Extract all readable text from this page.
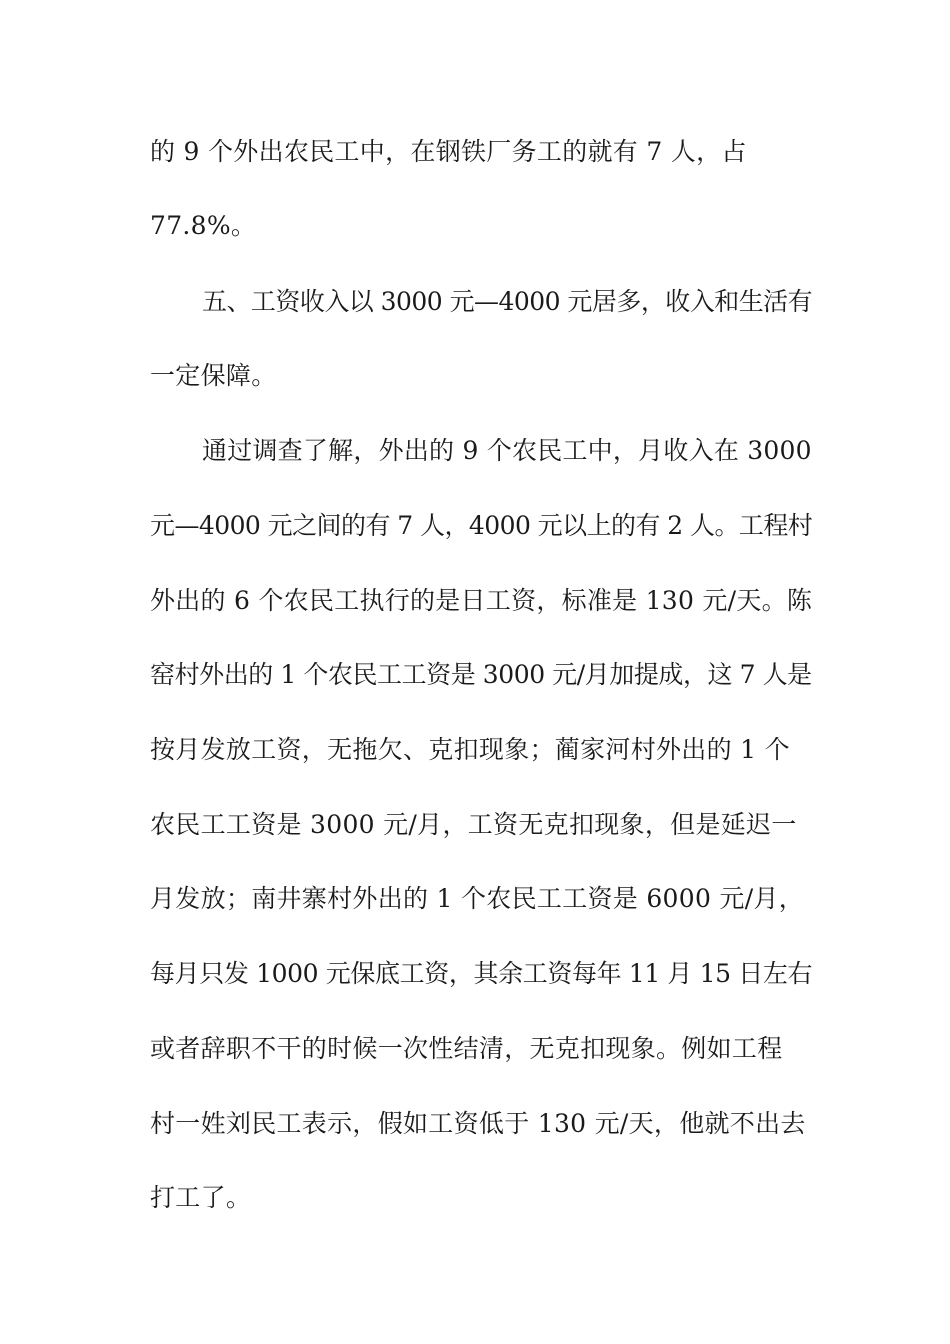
的 9 个外出农民工中，在钢铁厂务工的就有 7 人，占

77.8%。

五、工资收入以 3000 元—4000 元居多，收入和生活有

一定保障。

通过调查了解，外出的 9 个农民工中，月收入在 3000

元—4000 元之间的有 7 人，4000 元以上的有 2 人。工程村

外出的 6 个农民工执行的是日工资，标准是 130 元/天。陈

窑村外出的 1 个农民工工资是 3000 元/月加提成，这 7 人是

按月发放工资，无拖欠、克扣现象；蔺家河村外出的 1 个

农民工工资是 3000 元/月，工资无克扣现象，但是延迟一

月发放；南井寨村外出的 1 个农民工工资是 6000 元/月，

每月只发 1000 元保底工资，其余工资每年 11 月 15 日左右

或者辞职不干的时候一次性结清，无克扣现象。例如工程

村一姓刘民工表示，假如工资低于 130 元/天，他就不出去

打工了。
